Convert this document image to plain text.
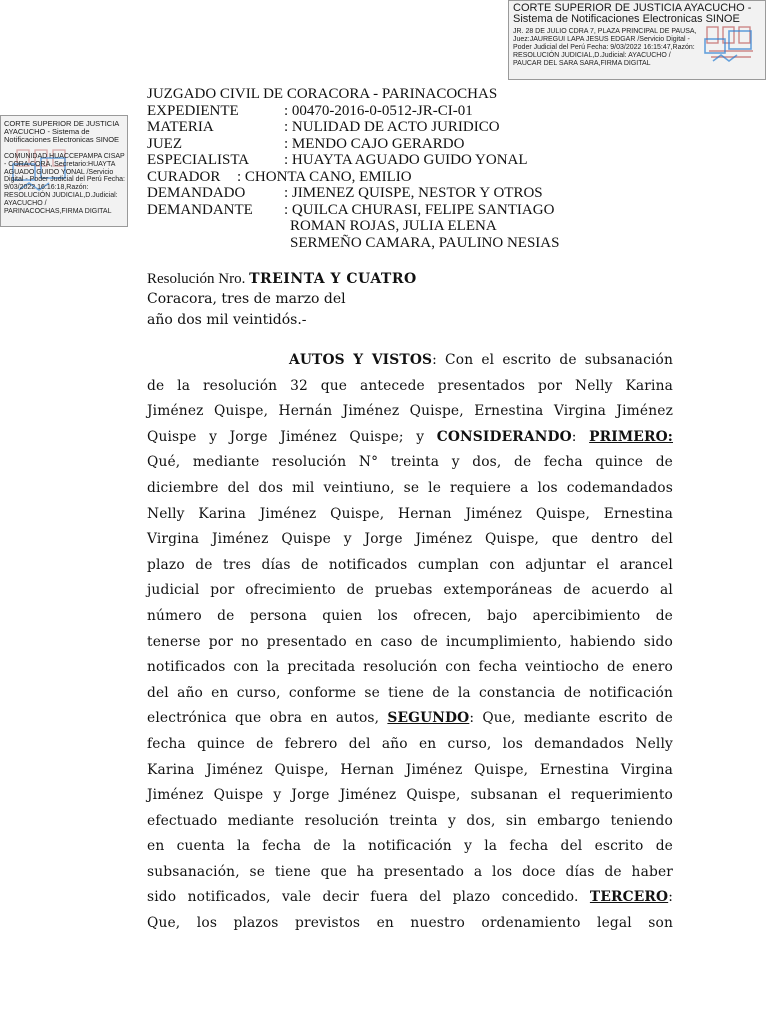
CORTE SUPERIOR DE JUSTICIA AYACUCHO -
Sistema de Notificaciones Electronicas SINOE
JR. 28 DE JULIO CDRA 7, PLAZA PRINCIPAL DE PAUSA, Juez:JAUREGUI LAPA JESUS EDGAR /Servicio Digital - Poder Judicial del Perú Fecha: 9/03/2022 16:15:47,Razón: RESOLUCIÓN JUDICIAL,D.Judicial: AYACUCHO / PAUCAR DEL SARA SARA,FIRMA DIGITAL
CORTE SUPERIOR DE JUSTICIA AYACUCHO - Sistema de Notificaciones Electronicas SINOE
COMUNIDAD HUACCEPAMPA CISAP - CORA CORA, Secretario:HUAYTA AGUADO GUIDO YONAL /Servicio Digital - Poder Judicial del Perú Fecha: 9/03/2022 16:16:18,Razón: RESOLUCIÓN JUDICIAL,D.Judicial: AYACUCHO / PARINACOCHAS,FIRMA DIGITAL
JUZGADO CIVIL DE CORACORA - PARINACOCHAS
EXPEDIENTE	: 00470-2016-0-0512-JR-CI-01
MATERIA	: NULIDAD DE ACTO JURIDICO
JUEZ	: MENDO CAJO GERARDO
ESPECIALISTA : HUAYTA AGUADO GUIDO YONAL
CURADOR : CHONTA CANO, EMILIO
DEMANDADO	: JIMENEZ QUISPE, NESTOR Y OTROS
DEMANDANTE : QUILCA CHURASI, FELIPE SANTIAGO
ROMAN ROJAS, JULIA ELENA
SERMEÑO CAMARA, PAULINO NESIAS
Resolución Nro. TREINTA Y CUATRO
Coracora, tres de marzo del
año dos mil veintidós.-
AUTOS Y VISTOS: Con el escrito de subsanación
de la resolución 32 que antecede presentados por Nelly Karina
Jiménez Quispe, Hernán Jiménez Quispe, Ernestina Virgina Jiménez
Quispe y Jorge Jiménez Quispe; y CONSIDERANDO: PRIMERO:
Qué, mediante resolución N° treinta y dos, de fecha quince de
diciembre del dos mil veintiuno, se le requiere a los codemandados
Nelly Karina Jiménez Quispe, Hernan Jiménez Quispe, Ernestina
Virgina Jiménez Quispe y Jorge Jiménez Quispe, que dentro del
plazo de tres días de notificados cumplan con adjuntar el arancel
judicial por ofrecimiento de pruebas extemporáneas de acuerdo al
número de persona quien los ofrecen, bajo apercibimiento de
tenerse por no presentado en caso de incumplimiento, habiendo sido
notificados con la precitada resolución con fecha veintiocho de enero
del año en curso, conforme se tiene de la constancia de notificación
electrónica que obra en autos, SEGUNDO: Que, mediante escrito de
fecha quince de febrero del año en curso, los demandados Nelly
Karina Jiménez Quispe, Hernan Jiménez Quispe, Ernestina Virgina
Jiménez Quispe y Jorge Jiménez Quispe, subsanan el requerimiento
efectuado mediante resolución treinta y dos, sin embargo teniendo
en cuenta la fecha de la notificación y la fecha del escrito de
subsanación, se tiene que ha presentado a los doce días de haber
sido notificados, vale decir fuera del plazo concedido. TERCERO:
Que, los plazos previstos en nuestro ordenamiento legal son
